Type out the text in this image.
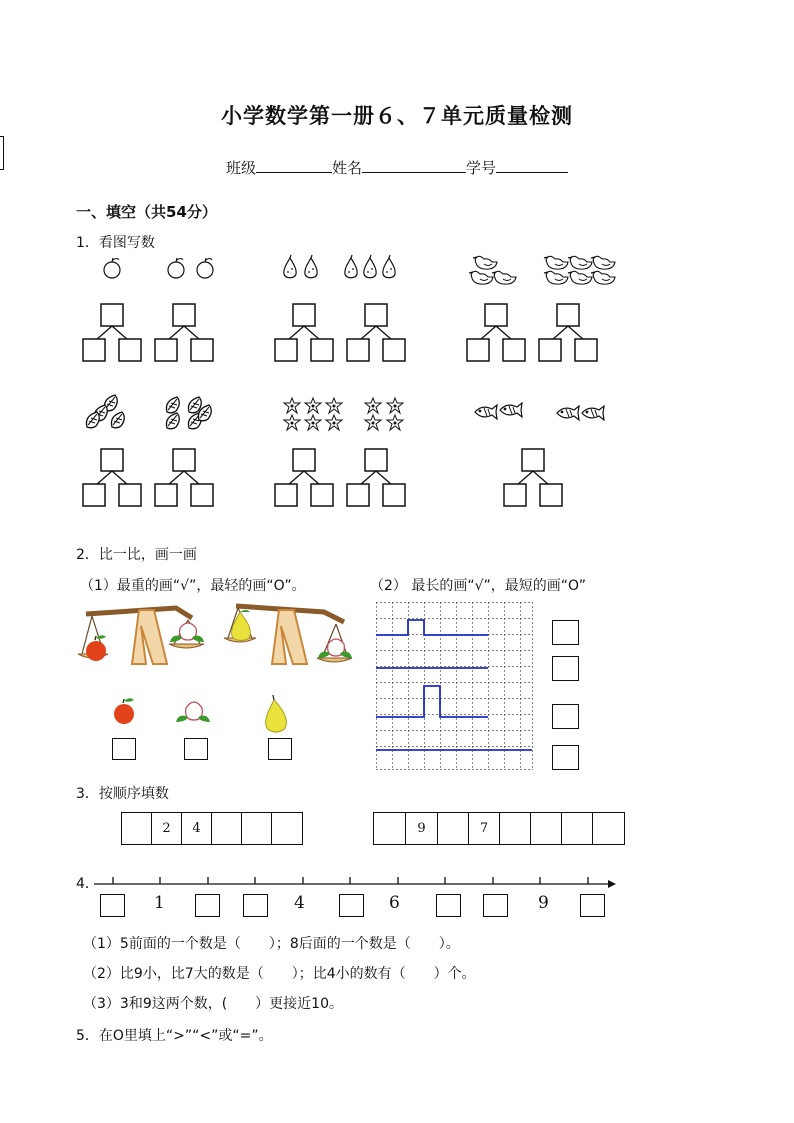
小学数学第一册６、７单元质量检测
班级	姓名	学号
一、填空（共54分）
1．看图写数
2．比一比，画一画
（1）最重的画“√”，最轻的画“O”。	（2） 最长的画“√”，最短的画“O”
3．按顺序填数
2	4	9	7
4．
1	4	6	9
（1）5前面的一个数是（　　）；8后面的一个数是（　　）。
（2）比9小，比7大的数是（　　）；比4小的数有（　　）个。
（3）3和9这两个数，(　　）更接近10。
5．在O里填上“>”“<”或“=”。
